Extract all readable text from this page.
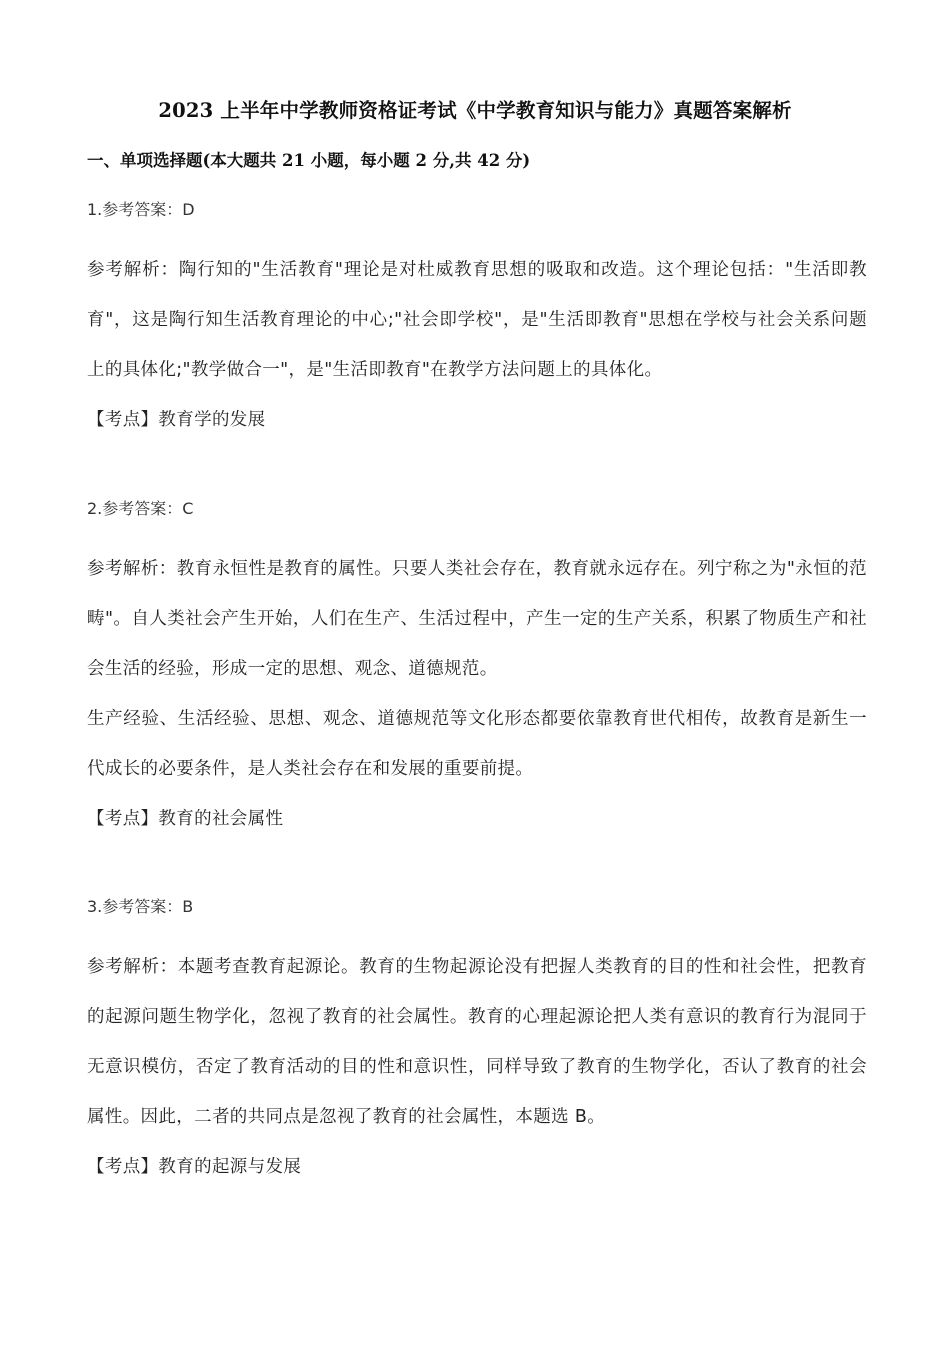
2023 上半年中学教师资格证考试《中学教育知识与能力》真题答案解析
一、单项选择题(本大题共 21 小题，每小题 2 分,共 42 分)

1.参考答案：D

参考解析：陶行知的"生活教育"理论是对杜威教育思想的吸取和改造。这个理论包括："生活即教育"，这是陶行知生活教育理论的中心;"社会即学校"，是"生活即教育"思想在学校与社会关系问题上的具体化;"教学做合一"，是"生活即教育"在教学方法问题上的具体化。

【考点】教育学的发展

2.参考答案：C

参考解析：教育永恒性是教育的属性。只要人类社会存在，教育就永远存在。列宁称之为"永恒的范畴"。自人类社会产生开始，人们在生产、生活过程中，产生一定的生产关系，积累了物质生产和社会生活的经验，形成一定的思想、观念、道德规范。

生产经验、生活经验、思想、观念、道德规范等文化形态都要依靠教育世代相传，故教育是新生一代成长的必要条件，是人类社会存在和发展的重要前提。

【考点】教育的社会属性

3.参考答案：B

参考解析：本题考查教育起源论。教育的生物起源论没有把握人类教育的目的性和社会性，把教育的起源问题生物学化，忽视了教育的社会属性。教育的心理起源论把人类有意识的教育行为混同于无意识模仿，否定了教育活动的目的性和意识性，同样导致了教育的生物学化，否认了教育的社会属性。因此，二者的共同点是忽视了教育的社会属性，本题选 B。

【考点】教育的起源与发展
